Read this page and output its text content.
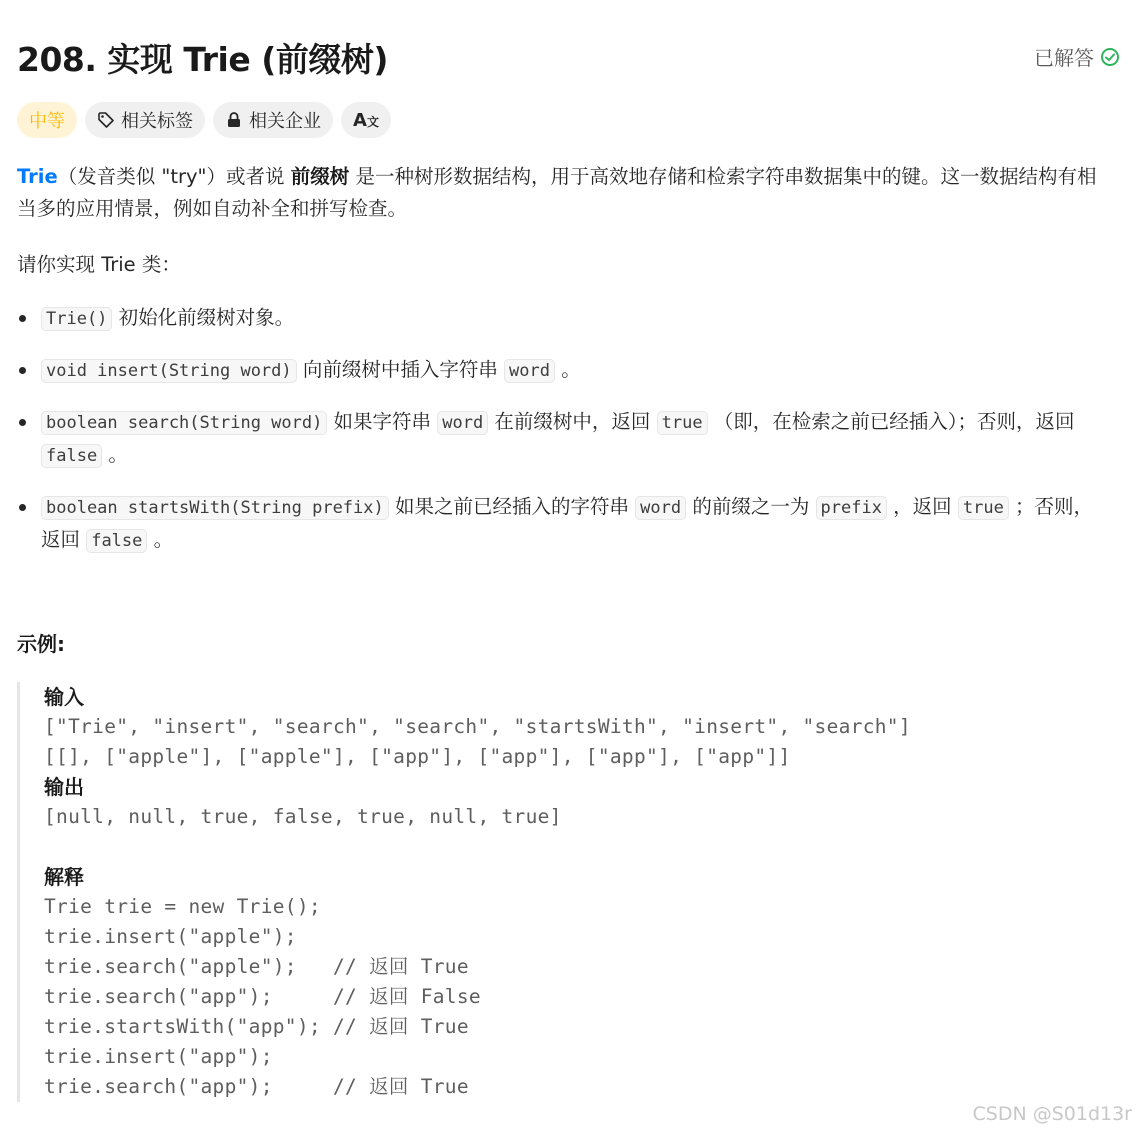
208. 实现 Trie (前缀树)	已解答
中等	相关标签	相关企业 A文
Trie（发音类似 "try"）或者说 前缀树 是一种树形数据结构，用于高效地存储和检索字符串数据集中的键。这一数据结构有相当多的应用情景，例如自动补全和拼写检查。
请你实现 Trie 类：
Trie() 初始化前缀树对象。
void insert(String word) 向前缀树中插入字符串 word 。
boolean search(String word) 如果字符串 word 在前缀树中，返回 true （即，在检索之前已经插入）；否则，返回 false 。
boolean startsWith(String prefix) 如果之前已经插入的字符串 word 的前缀之一为 prefix ，返回 true ；否则，返回 false 。
示例:
输入
["Trie", "insert", "search", "search", "startsWith", "insert", "search"]
[[], ["apple"], ["apple"], ["app"], ["app"], ["app"], ["app"]]
输出
[null, null, true, false, true, null, true]
解释
Trie trie = new Trie();
trie.insert("apple");
trie.search("apple");   // 返回 True
trie.search("app");     // 返回 False
trie.startsWith("app"); // 返回 True
trie.insert("app");
trie.search("app");     // 返回 True
CSDN @S01d13r
